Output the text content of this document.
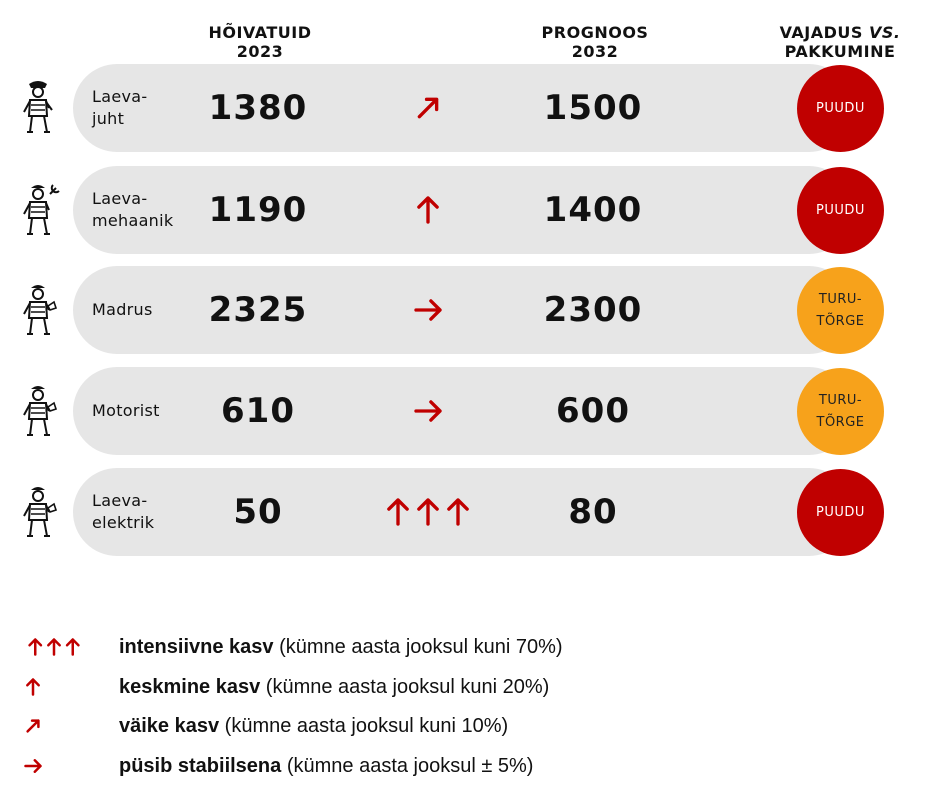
HÕIVATUID
2023
PROGNOOS
2032
VAJADUS VS.
PAKKUMINE
Laeva-
juht	1380	1500	PUUDU
Laeva-
mehaanik	1190	1400	PUUDU
Madrus	2325	2300	TURU-
TÕRGE
Motorist	610	600	TURU-
TÕRGE
Laeva-
elektrik	50	80	PUUDU
intensiivne kasv (kümne aasta jooksul kuni 70%)
keskmine kasv (kümne aasta jooksul kuni 20%)
väike kasv (kümne aasta jooksul kuni 10%)
püsib stabiilsena (kümne aasta jooksul ± 5%)
